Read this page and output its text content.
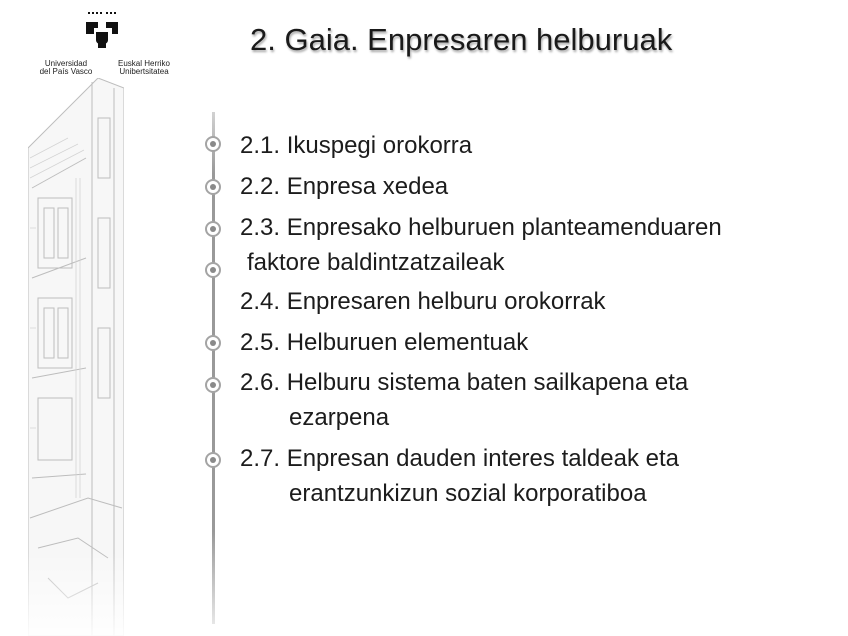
Universidad
del País Vasco
Euskal Herriko
Unibertsitatea
2. Gaia. Enpresaren helburuak
2.1. Ikuspegi orokorra
2.2. Enpresa xedea
2.3. Enpresako helburuen planteamenduaren
faktore baldintzatzaileak
2.4. Enpresaren helburu orokorrak
2.5. Helburuen elementuak
2.6. Helburu sistema baten sailkapena eta
ezarpena
2.7. Enpresan dauden interes taldeak eta
erantzunkizun sozial korporatiboa
